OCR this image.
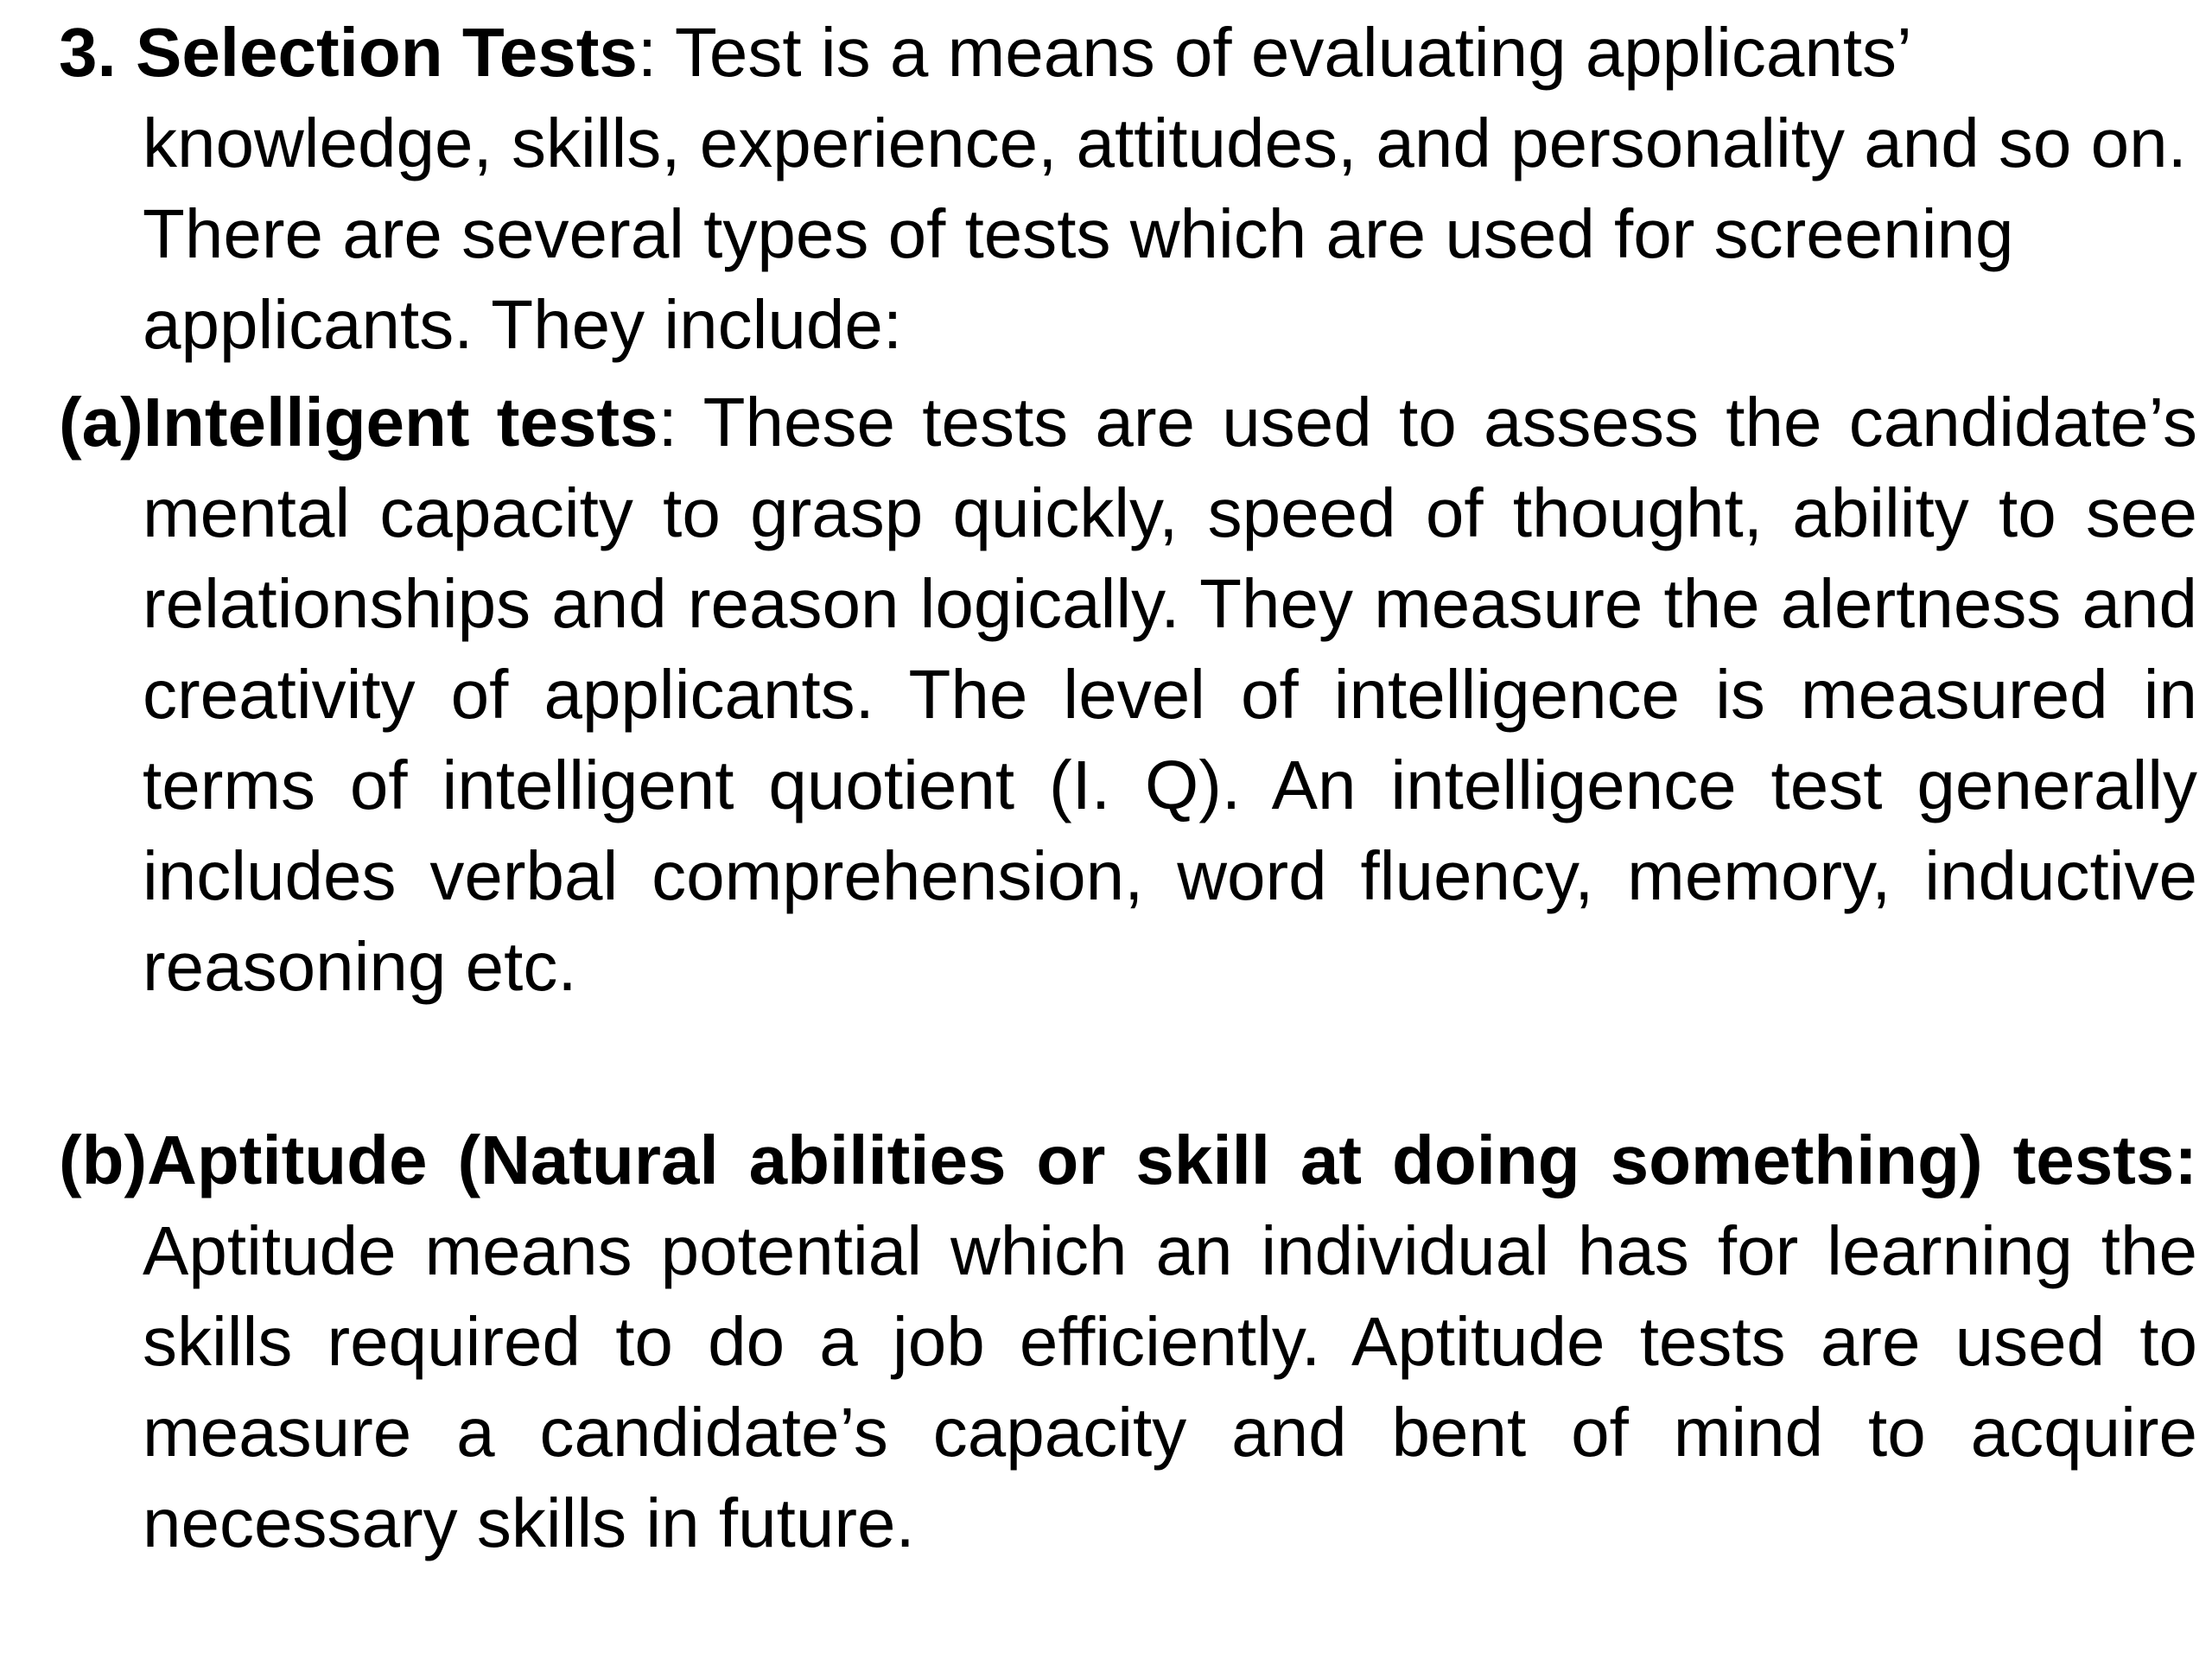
3. Selection Tests: Test is a means of evaluating applicants’ knowledge, skills, experience, attitudes, and personality and so on. There are several types of tests which are used for screening applicants. They include:
(a)Intelligent tests: These tests are used to assess the candidate’s mental capacity to grasp quickly, speed of thought, ability to see relationships and reason logically. They measure the alertness and creativity of applicants. The level of intelligence is measured in terms of intelligent quotient (I. Q). An intelligence test generally includes verbal comprehension, word fluency, memory, inductive reasoning etc.
(b)Aptitude (Natural abilities or skill at doing something) tests: Aptitude means potential which an individual has for learning the skills required to do a job efficiently. Aptitude tests are used to measure a candidate’s capacity and bent of mind to acquire necessary skills in future.
